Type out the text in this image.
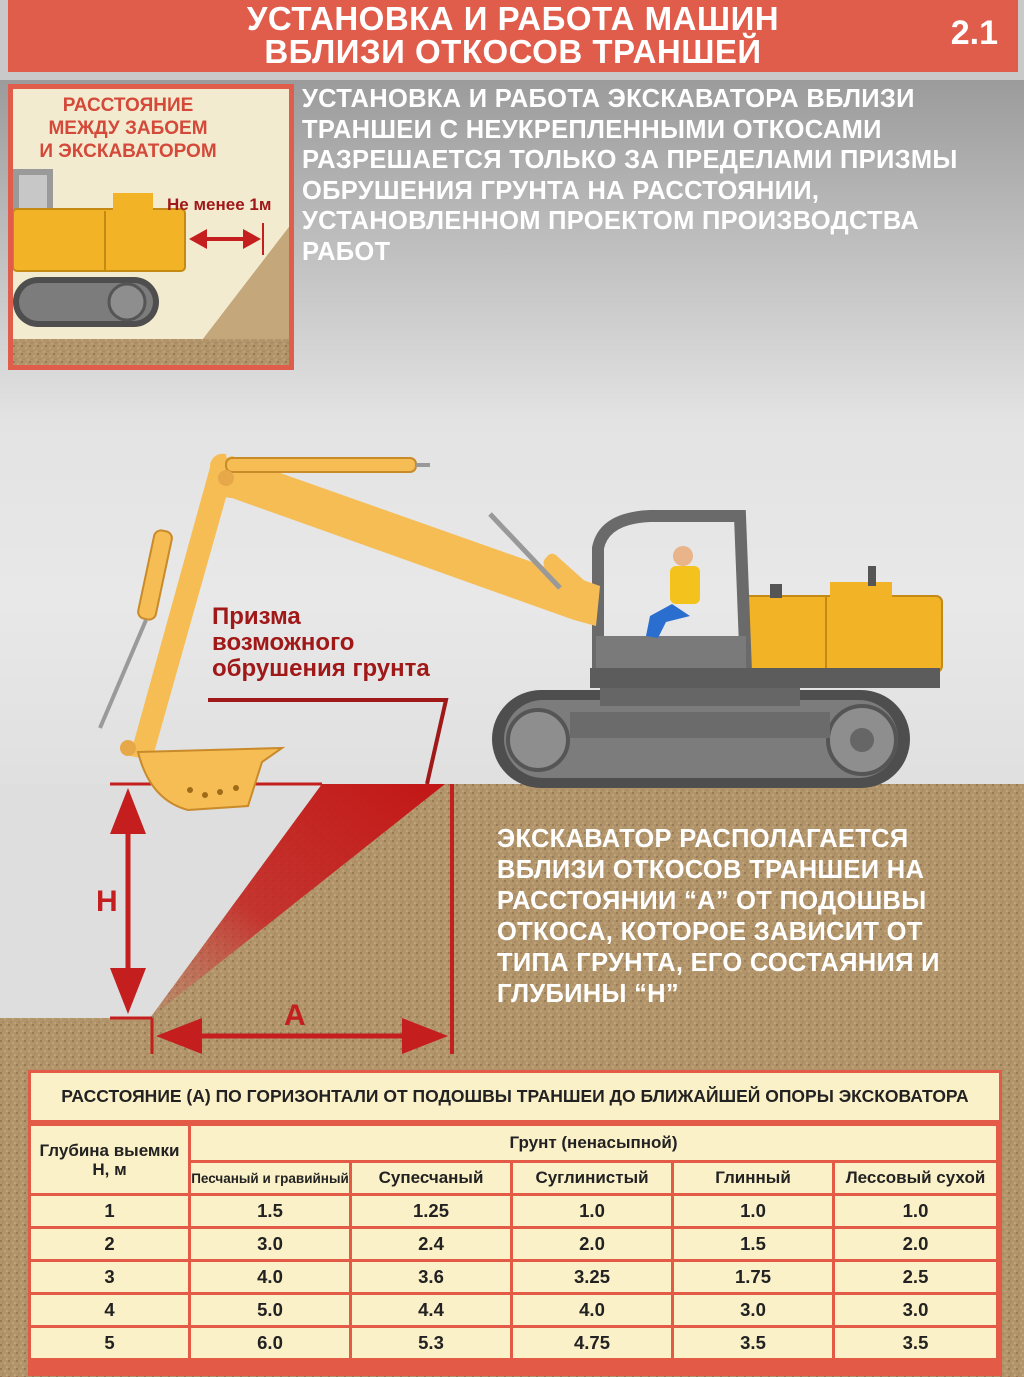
УСТАНОВКА И РАБОТА МАШИН
ВБЛИЗИ ОТКОСОВ ТРАНШЕЙ	2.1
РАССТОЯНИЕ
МЕЖДУ ЗАБОЕМ
И ЭКСКАВАТОРОМ
Не менее 1м
УСТАНОВКА И РАБОТА ЭКСКАВАТОРА ВБЛИЗИ
ТРАНШЕИ С НЕУКРЕПЛЕННЫМИ ОТКОСАМИ
РАЗРЕШАЕТСЯ ТОЛЬКО ЗА ПРЕДЕЛАМИ ПРИЗМЫ
ОБРУШЕНИЯ ГРУНТА НА РАССТОЯНИИ,
УСТАНОВЛЕННОМ ПРОЕКТОМ ПРОИЗВОДСТВА
РАБОТ
Призма
возможного
обрушения грунта
Н
А
ЭКСКАВАТОР РАСПОЛАГАЕТСЯ
ВБЛИЗИ ОТКОСОВ ТРАНШЕИ НА
РАССТОЯНИИ “А” ОТ ПОДОШВЫ
ОТКОСА, КОТОРОЕ ЗАВИСИТ ОТ
ТИПА ГРУНТА, ЕГО СОСТАЯНИЯ И
ГЛУБИНЫ “Н”
РАССТОЯНИЕ (А) ПО ГОРИЗОНТАЛИ ОТ ПОДОШВЫ ТРАНШЕИ ДО БЛИЖАЙШЕЙ ОПОРЫ ЭКСКОВАТОРА
Глубина выемки
Н, м	Грунт (ненасыпной)				
	Песчаный и гравийный	Супесчаный	Суглинистый	Глинный	Лессовый сухой
1	1.5	1.25	1.0	1.0	1.0
2	3.0	2.4	2.0	1.5	2.0
3	4.0	3.6	3.25	1.75	2.5
4	5.0	4.4	4.0	3.0	3.0
5	6.0	5.3	4.75	3.5	3.5
